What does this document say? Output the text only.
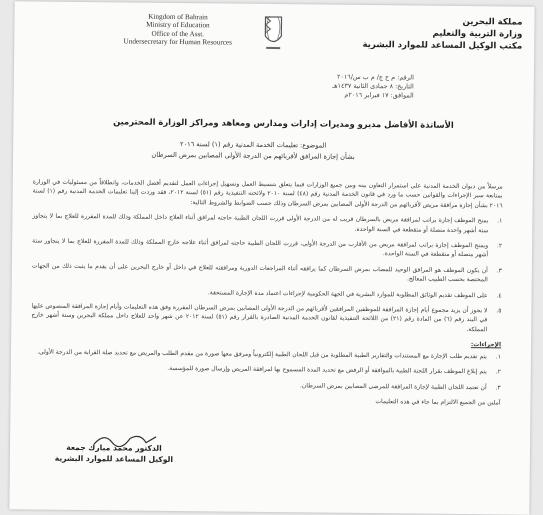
Kingdom of Bahrain
Ministry of Education
Office of the Asst.
Undersecretary for Human Resources
مملكة البحرين
وزارة التربية والتعليم
مكتب الوكيل المساعد للموارد البشرية
الرقم: م ح ج/ م ب س/٢٠١٦
التاريخ: ٨ جمادى الثانية ١٤٣٧هـ
الموافق: ١٧ فبراير ٢٠١٦م
الأساتذة الأفاضل مديرو ومديرات إدارات ومدارس ومعاهد ومراكز الوزارة المحترمين
الموضوع: تعليمات الخدمة المدنية رقم (١) لسنة ٢٠١٦
بشأن إجازة المرافق لأقربائهم من الدرجة الأولى المصابين بمرض السرطان

مرسلاً من ديوان الخدمة المدنية على استمرار التعاون بينه وبين جميع الوزارات فيما يتعلق بتبسيط العمل وتسهيل إجراءات العمل لتقديم أفضل الخدمات، وانطلاقاً من مسئوليات في الوزارة بمتابعة سير الإجراءات والقوانين حسب ما ورد في قانون الخدمة المدنية رقم (٤٨) لسنة ٢٠١٠ ولائحته التنفيذية رقم (٥١) لسنة ٢٠١٢، فقد وردت إلينا تعليمات الخدمة المدنية رقم (١) لسنة ٢٠١٦ بشأن إجازة مرافقة مريض لأقربائهم من الدرجة الأولى المصابين بمرض السرطان وذلك حسب الضوابط والشروط التالية:

١.
يمنح الموظف إجازة براتب لمرافقة مريض بالسرطان قريب له من الدرجة الأولى قررت اللجان الطبية حاجته لمرافق أثناء العلاج داخل المملكة وذلك للمدة المقررة للعلاج بما لا يتجاوز ستة أشهر واحدة متصلة أو متقطعة في السنة الواحدة.

٢.
ويمنح الموظف إجازة براتب لمرافقة مريض من الأقارب من الدرجة الأولى، قررت اللجان الطبية حاجته لمرافق أثناء علاجه خارج المملكة وذلك للمدة المقررة للعلاج بما لا يتجاوز ستة أشهر متصلة أو متقطعة في السنة الواحدة.

٣.
أن يكون الموظف هو المرافق الوحيد للمصاب بمرض السرطان كما يرافقه أثناء المراجعات الدورية ومرافقته للعلاج في داخل أو خارج البحرين على أن يقدم ما يثبت ذلك من الجهات المختصة بحسب الطبيب المعالج.

٤.
على الموظف تقديم الوثائق المطلوبة للموارد البشرية في الجهة الحكومية لإجراءات اعتماد مدة الإجازة المستحقة.

٥.
لا يجوز أن يزيد مجموع أيام إجازة المرافقة للموظفين المرافقين لأقربائهم من الدرجة الأولى المصابين بمرض السرطان المقررة وفق هذه التعليمات وأيام إجازة المرافقة المنصوص عليها في البند رقم (٦) من المادة رقم (٢١) من اللائحة التنفيذية لقانون الخدمة المدنية الصادرة بالقرار رقم (٥١) لسنة ٢٠١٢ عن شهر واحد للعلاج داخل مملكة البحرين وستة أشهر خارج المملكة.

الإجراءات:

١.
يتم تقديم طلب الإجازة مع المستندات والتقارير الطبية المطلوبة من قبل اللجان الطبية إلكترونياً ومرفق معها صورة من مقدم الطلب والمريض مع تحديد صلة القرابة من الدرجة الأولى.

٢.
يتم إبلاغ الموظف بقرار اللجنة الطبية بالموافقة أو الرفض مع تحديد المدة المسموح بها لمرافقة المريض وإرسال صورة للمؤسسة.

٣.
أن تعتمد اللجان الطبية لإجازة المرافقة للمرضى المصابين بمرض السرطان.

آملين من الجميع الالتزام بما جاء في هذه التعليمات

الدكتور محمد مبارك جمعة
الوكيل المساعد للموارد البشرية
